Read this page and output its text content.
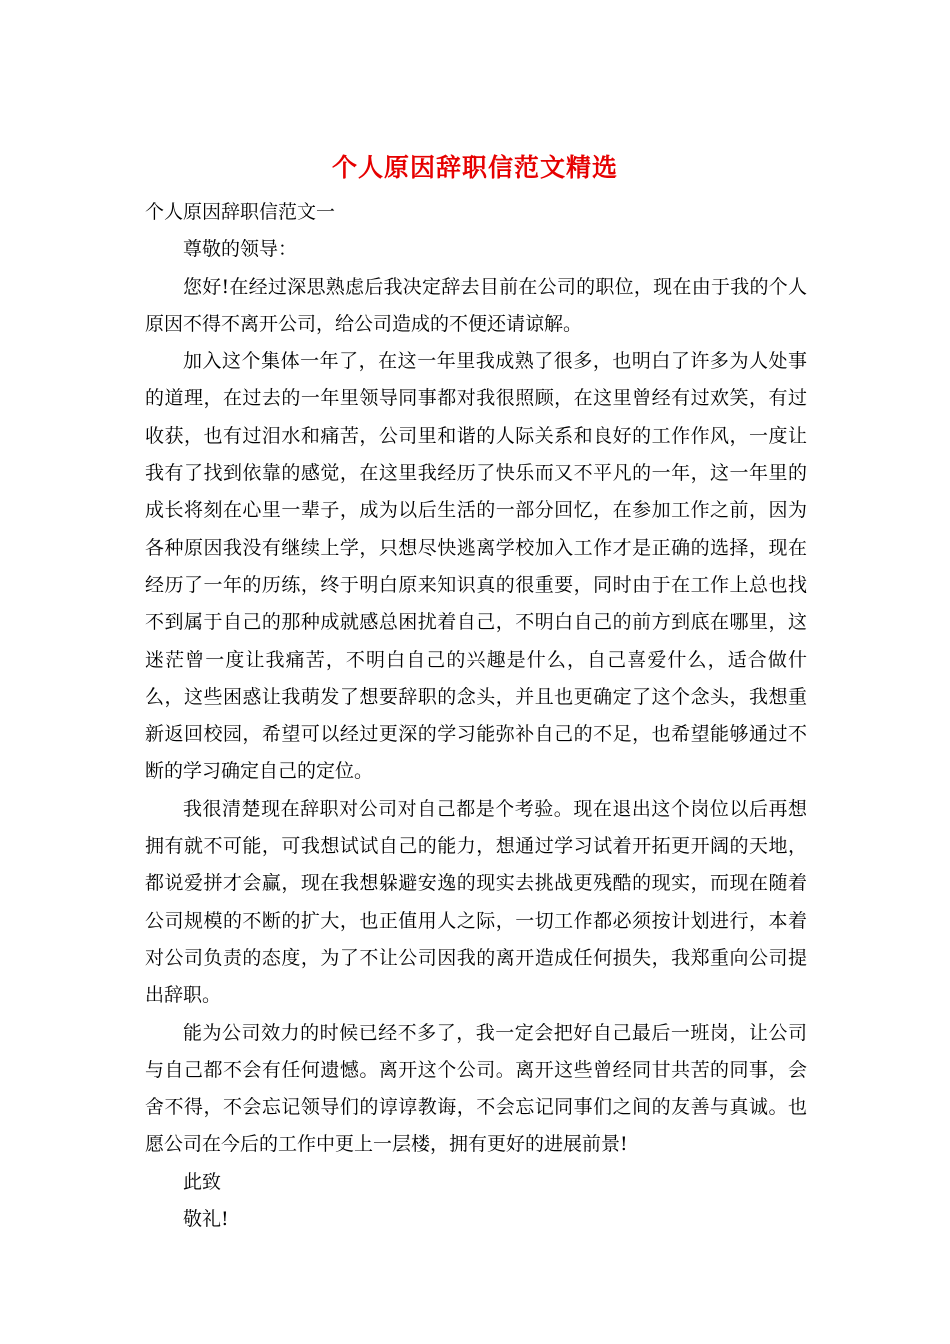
个人原因辞职信范文精选

个人原因辞职信范文一

尊敬的领导：

您好!在经过深思熟虑后我决定辞去目前在公司的职位，现在由于我的个人原因不得不离开公司，给公司造成的不便还请谅解。

加入这个集体一年了，在这一年里我成熟了很多，也明白了许多为人处事的道理，在过去的一年里领导同事都对我很照顾，在这里曾经有过欢笑，有过收获，也有过泪水和痛苦，公司里和谐的人际关系和良好的工作作风，一度让我有了找到依靠的感觉，在这里我经历了快乐而又不平凡的一年，这一年里的成长将刻在心里一辈子，成为以后生活的一部分回忆，在参加工作之前，因为各种原因我没有继续上学，只想尽快逃离学校加入工作才是正确的选择，现在经历了一年的历练，终于明白原来知识真的很重要，同时由于在工作上总也找不到属于自己的那种成就感总困扰着自己，不明白自己的前方到底在哪里，这迷茫曾一度让我痛苦，不明白自己的兴趣是什么，自己喜爱什么，适合做什么，这些困惑让我萌发了想要辞职的念头，并且也更确定了这个念头，我想重新返回校园，希望可以经过更深的学习能弥补自己的不足，也希望能够通过不断的学习确定自己的定位。

我很清楚现在辞职对公司对自己都是个考验。现在退出这个岗位以后再想拥有就不可能，可我想试试自己的能力，想通过学习试着开拓更开阔的天地，都说爱拼才会赢，现在我想躲避安逸的现实去挑战更残酷的现实，而现在随着公司规模的不断的扩大，也正值用人之际，一切工作都必须按计划进行，本着对公司负责的态度，为了不让公司因我的离开造成任何损失，我郑重向公司提出辞职。

能为公司效力的时候已经不多了，我一定会把好自己最后一班岗，让公司与自己都不会有任何遗憾。离开这个公司。离开这些曾经同甘共苦的同事，会舍不得，不会忘记领导们的谆谆教诲，不会忘记同事们之间的友善与真诚。也愿公司在今后的工作中更上一层楼，拥有更好的进展前景!

此致

敬礼!
